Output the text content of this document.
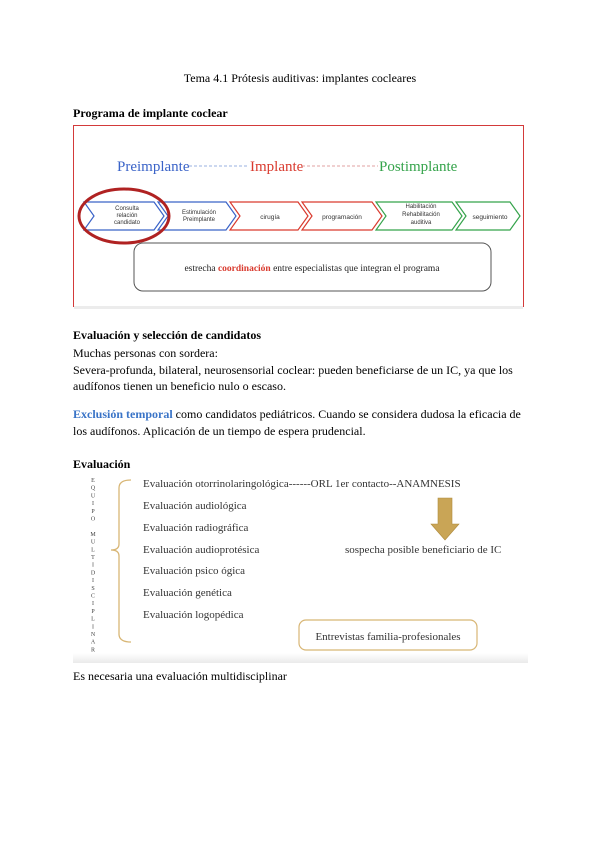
Tema 4.1 Prótesis auditivas: implantes cocleares
Programa de implante coclear
Preimplante	Implante	Postimplante
Consulta relación candidato
Estimulación Preimplante	cirugía	programación
Habilitación Rehabilitación auditiva
seguimiento
estrecha coordinación entre especialistas que integran el programa
Evaluación y selección de candidatos
Muchas personas con sordera:
Severa-profunda, bilateral, neurosensorial coclear: pueden beneficiarse de un IC, ya que los
audífonos tienen un beneficio nulo o escaso.
Exclusión temporal como candidatos pediátricos. Cuando se considera dudosa la eficacia de
los audífonos. Aplicación de un tiempo de espera prudencial.
Evaluación
E
Q
U
I
P
O
M
U
L
T
I
D
I
S
C
I
P
L
I
N
A
R
Evaluación otorrinolaringológica------ORL 1er contacto--ANAMNESIS
Evaluación audiológica
Evaluación radiográfica
Evaluación audioprotésica
Evaluación psico ógica
Evaluación genética
Evaluación logopédica
sospecha posible beneficiario de IC
Entrevistas familia-profesionales
Es necesaria una evaluación multidisciplinar
